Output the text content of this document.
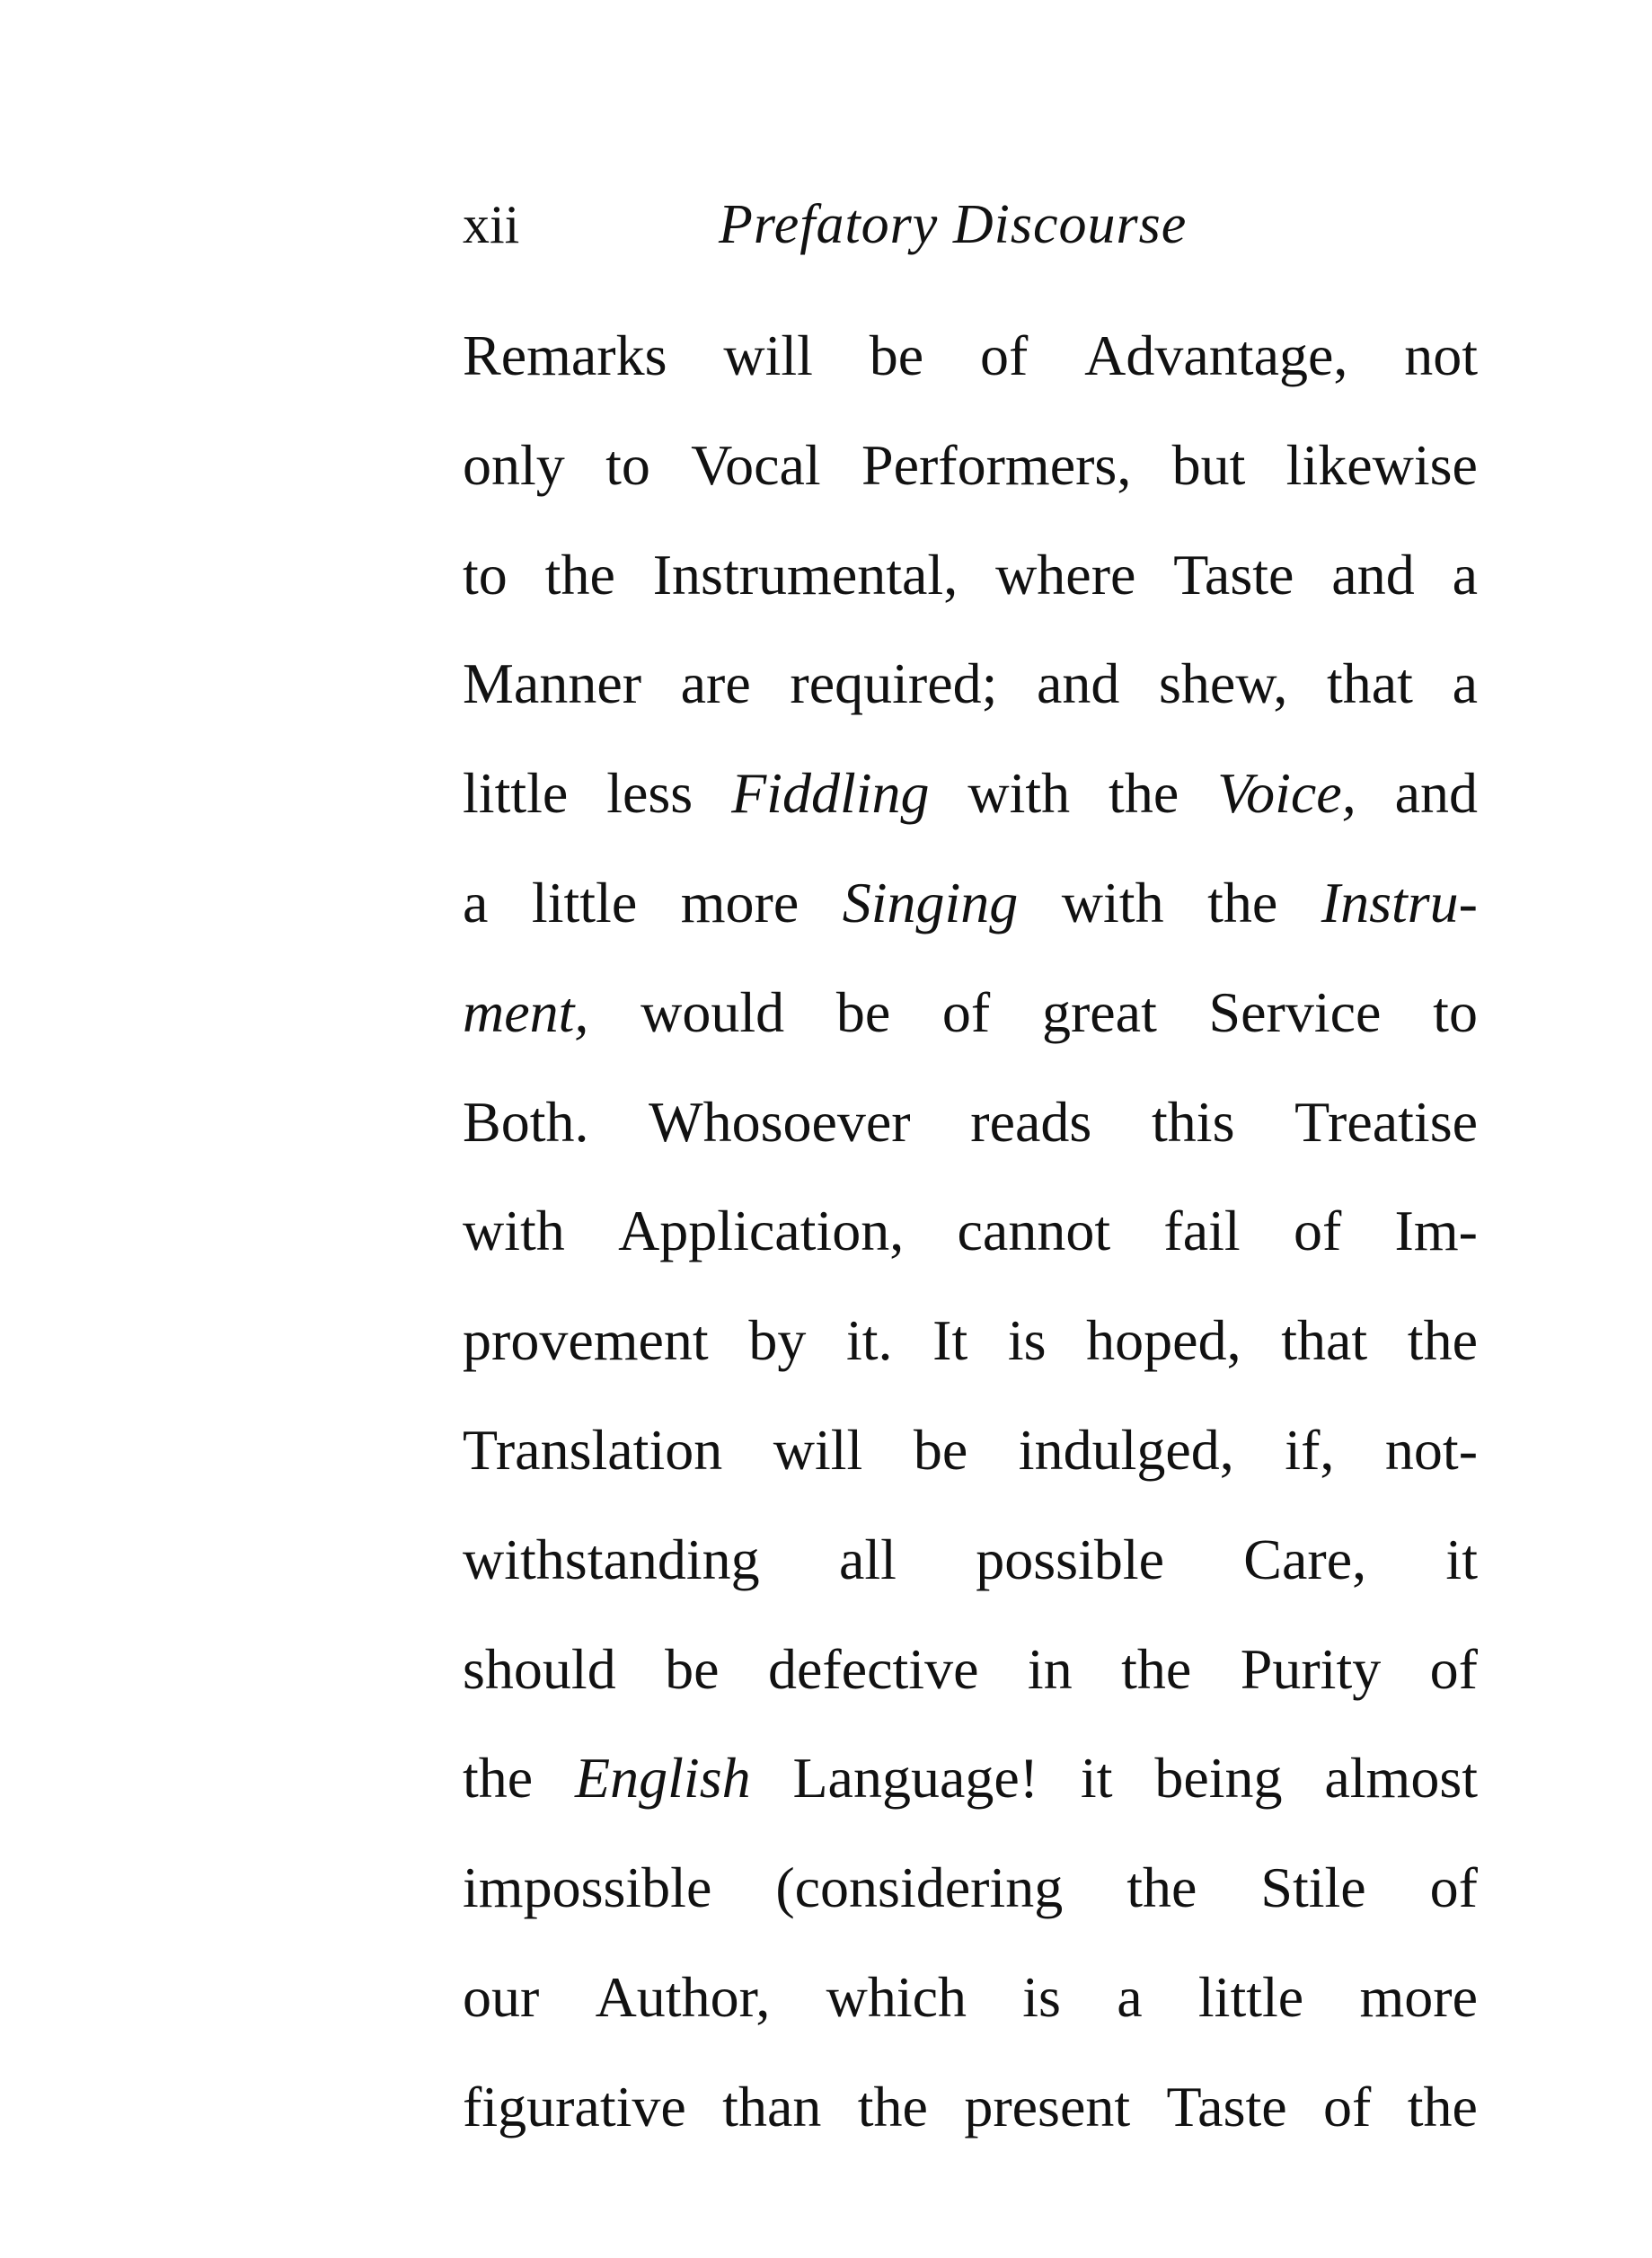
xii	Prefatory Discourse
Remarks will be of Advantage, not
only to Vocal Performers, but likewise
to the Instrumental, where Taste and a
Manner are required; and shew, that a
little less Fiddling with the Voice, and
a little more Singing with the Instru-
ment, would be of great Service to
Both. Whosoever reads this Treatise
with Application, cannot fail of Im-
provement by it. It is hoped, that the
Translation will be indulged, if, not-
withstanding all possible Care, it
should be defective in the Purity of
the English Language! it being almost
impossible (considering the Stile of
our Author, which is a little more
figurative than the present Taste of the
